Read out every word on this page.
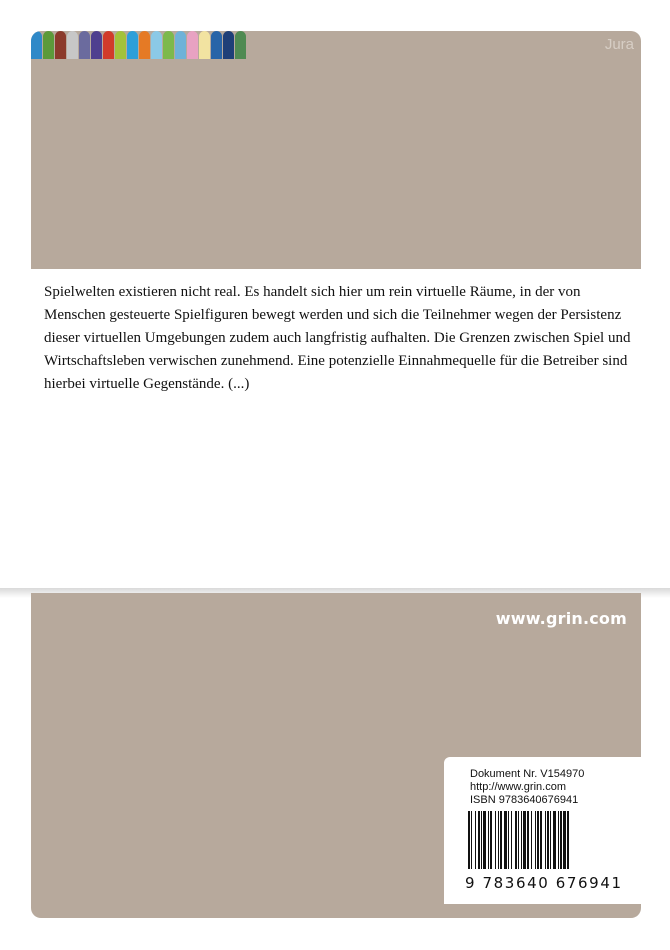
Jura

Spielwelten existieren nicht real. Es handelt sich hier um rein virtuelle Räume, in der von Menschen gesteuerte Spielfiguren bewegt werden und sich die Teilnehmer wegen der Persistenz dieser virtuellen Umgebungen zudem auch langfristig aufhalten. Die Grenzen zwischen Spiel und Wirtschaftsleben verwischen zunehmend. Eine potenzielle Einnahmequelle für die Betreiber sind hierbei virtuelle Gegenstände. (...)

www.grin.com
Dokument Nr. V154970
http://www.grin.com
ISBN 9783640676941
9 783640 676941
